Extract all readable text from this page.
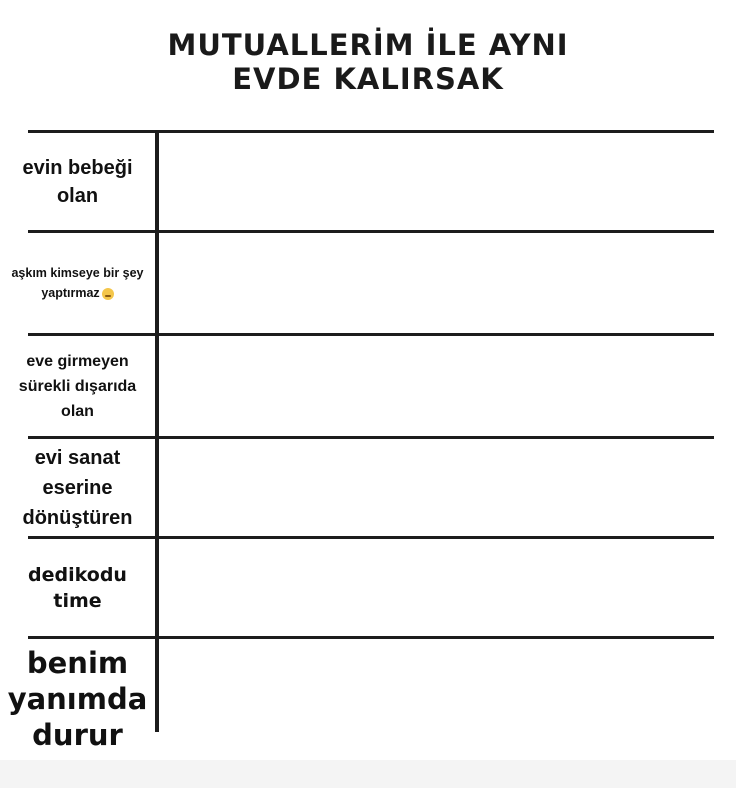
MUTUALLERİM İLE AYNI
EVDE KALIRSAK
evin bebeği olan
aşkım kimseye bir şey yaptırmaz
eve girmeyen sürekli dışarıda olan
evi sanat eserine dönüştüren
dedikodu time
benim yanımda durur
